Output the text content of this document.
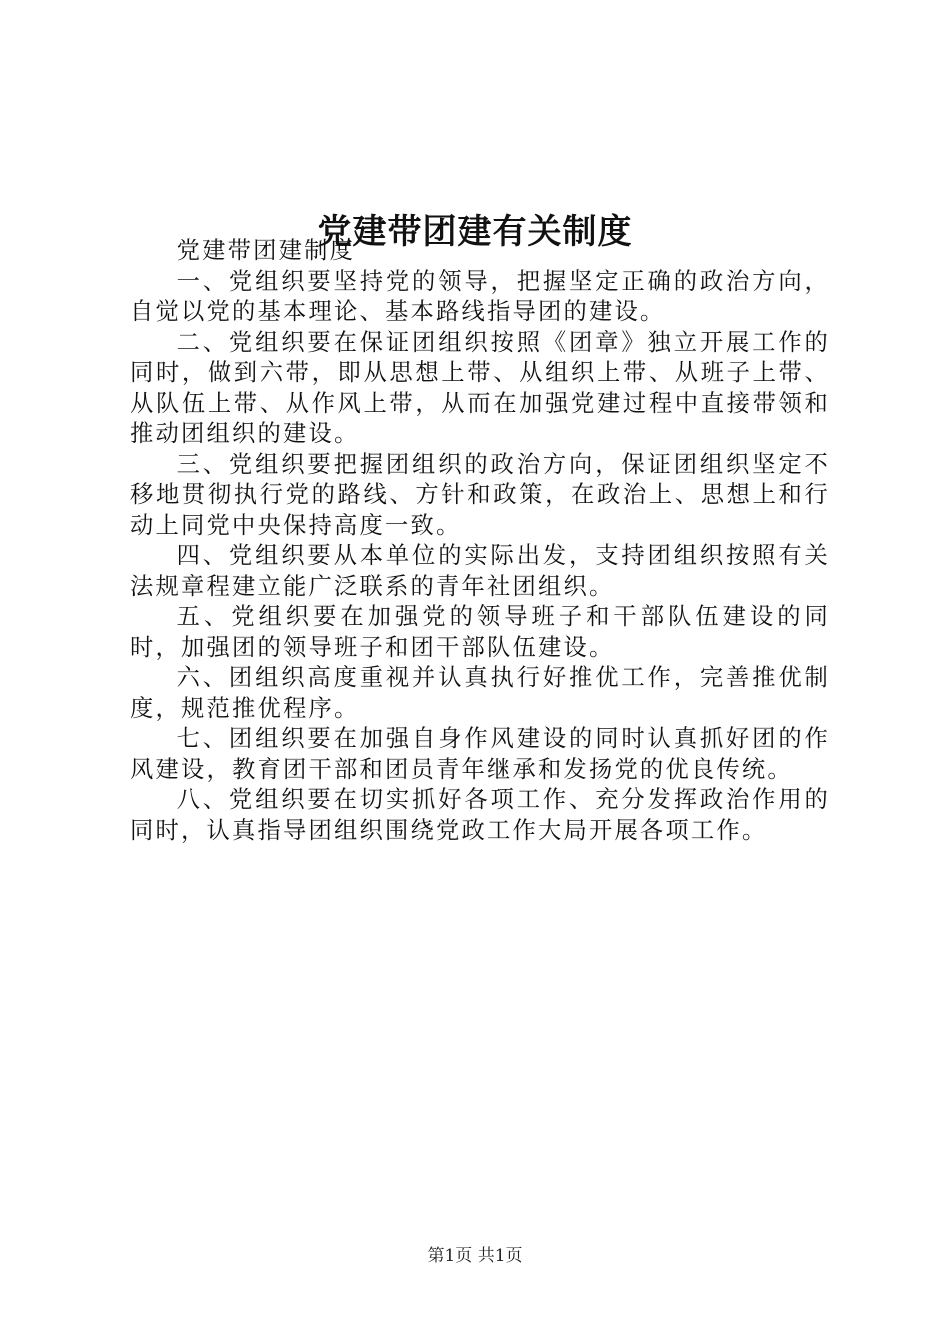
党建带团建有关制度

党建带团建制度

一、党组织要坚持党的领导，把握坚定正确的政治方向，自觉以党的基本理论、基本路线指导团的建设。

二、党组织要在保证团组织按照《团章》独立开展工作的同时，做到六带，即从思想上带、从组织上带、从班子上带、从队伍上带、从作风上带，从而在加强党建过程中直接带领和推动团组织的建设。

三、党组织要把握团组织的政治方向，保证团组织坚定不移地贯彻执行党的路线、方针和政策，在政治上、思想上和行动上同党中央保持高度一致。

四、党组织要从本单位的实际出发，支持团组织按照有关法规章程建立能广泛联系的青年社团组织。

五、党组织要在加强党的领导班子和干部队伍建设的同时，加强团的领导班子和团干部队伍建设。

六、团组织高度重视并认真执行好推优工作，完善推优制度，规范推优程序。

七、团组织要在加强自身作风建设的同时认真抓好团的作风建设，教育团干部和团员青年继承和发扬党的优良传统。

八、党组织要在切实抓好各项工作、充分发挥政治作用的同时，认真指导团组织围绕党政工作大局开展各项工作。

第1页 共1页
